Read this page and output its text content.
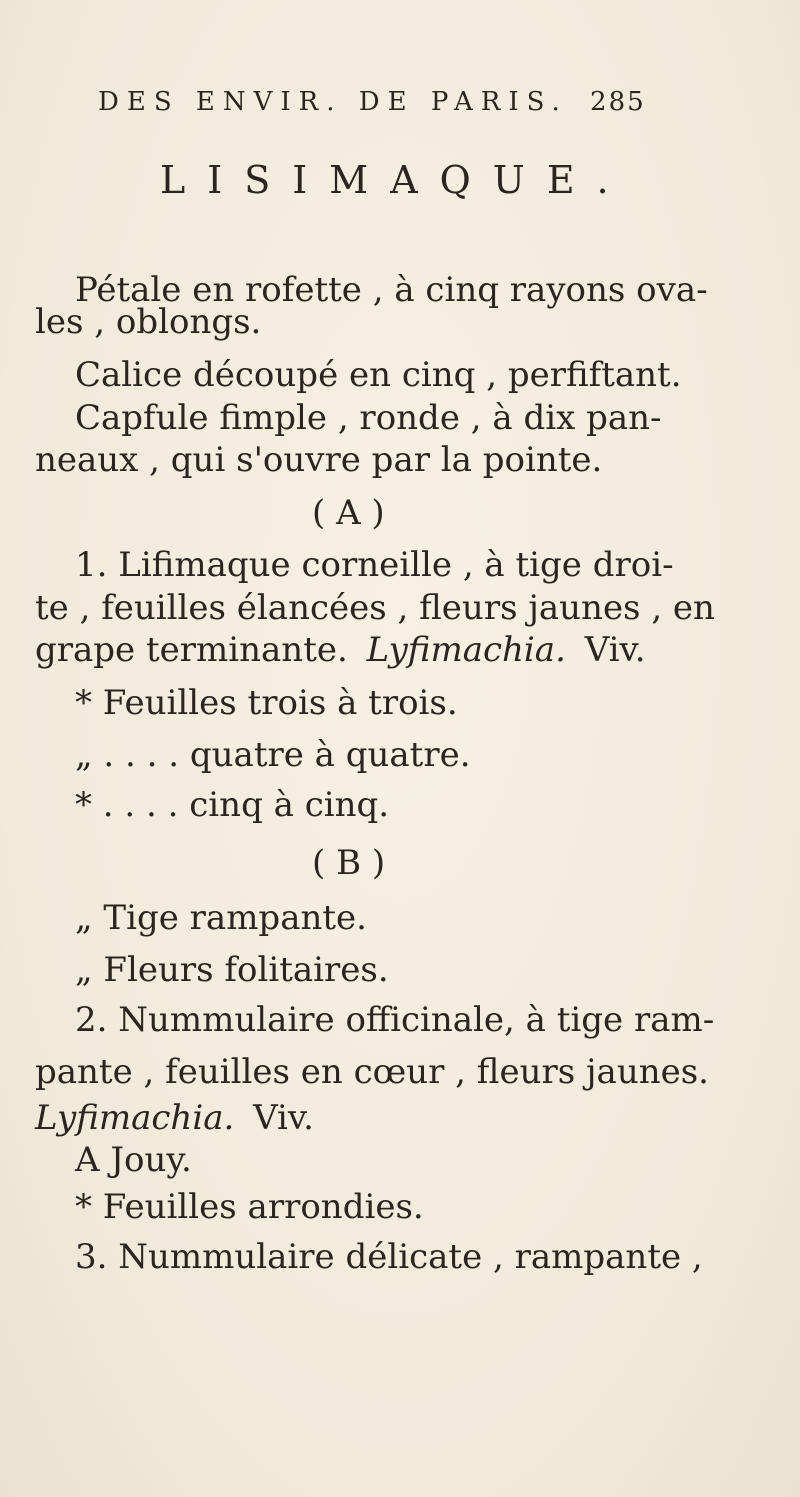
DES ENVIR. DE PARIS. 285
LISIMAQUE.
Pétale en rofette , à cinq rayons ova-
les , oblongs.
Calice découpé en cinq , perfiftant.
Capfule fimple , ronde , à dix pan-
neaux , qui s'ouvre par la pointe.
( A )
1. Lifimaque corneille , à tige droi-
te , feuilles élancées , fleurs jaunes , en
grape terminante. Lyfimachia. Viv.
* Feuilles trois à trois.
„ . . . . quatre à quatre.
* . . . . cinq à cinq.
( B )
„ Tige rampante.
„ Fleurs folitaires.
2. Nummulaire officinale, à tige ram-
pante , feuilles en cœur , fleurs jaunes.
Lyfimachia. Viv.
A Jouy.
* Feuilles arrondies.
3. Nummulaire délicate , rampante ,
